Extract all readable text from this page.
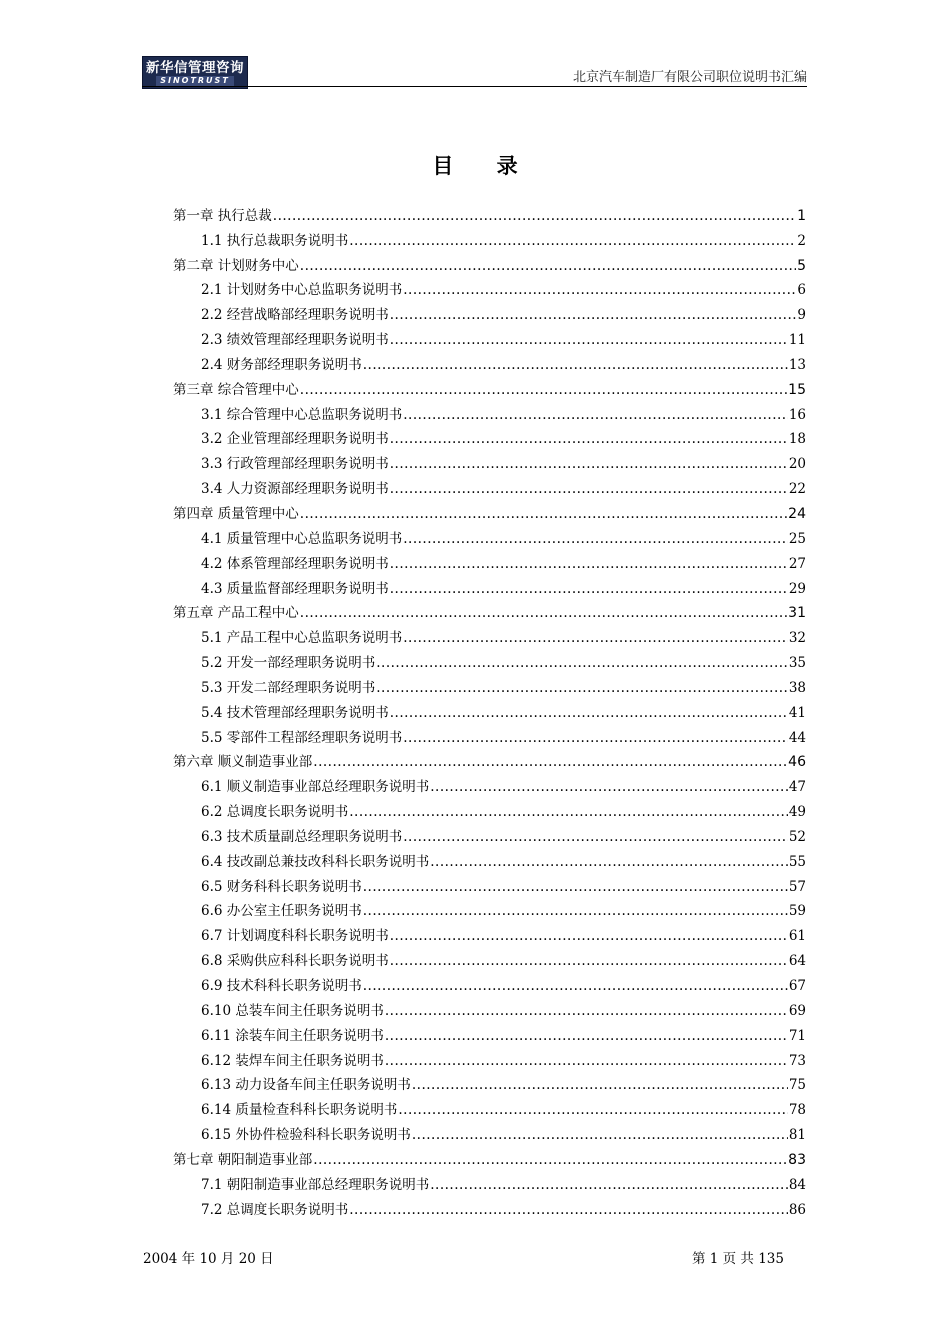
新华信管理咨询
SINOTRUST	北京汽车制造厂有限公司职位说明书汇编
目 录
第一章 执行总裁 .....	1
1.1 执行总裁职务说明书 .....	2
第二章 计划财务中心 .....	5
2.1 计划财务中心总监职务说明书 .....	6
2.2 经营战略部经理职务说明书 .....	9
2.3 绩效管理部经理职务说明书 .....	11
2.4 财务部经理职务说明书 .....	13
第三章 综合管理中心 .....	15
3.1 综合管理中心总监职务说明书 .....	16
3.2 企业管理部经理职务说明书 .....	18
3.3 行政管理部经理职务说明书 .....	20
3.4 人力资源部经理职务说明书 .....	22
第四章 质量管理中心 .....	24
4.1 质量管理中心总监职务说明书 .....	25
4.2 体系管理部经理职务说明书 .....	27
4.3 质量监督部经理职务说明书 .....	29
第五章 产品工程中心 .....	31
5.1 产品工程中心总监职务说明书 .....	32
5.2 开发一部经理职务说明书 .....	35
5.3 开发二部经理职务说明书 .....	38
5.4 技术管理部经理职务说明书 .....	41
5.5 零部件工程部经理职务说明书 .....	44
第六章 顺义制造事业部 .....	46
6.1 顺义制造事业部总经理职务说明书 .....	47
6.2 总调度长职务说明书 .....	49
6.3 技术质量副总经理职务说明书 .....	52
6.4 技改副总兼技改科科长职务说明书 .....	55
6.5 财务科科长职务说明书 .....	57
6.6 办公室主任职务说明书 .....	59
6.7 计划调度科科长职务说明书 .....	61
6.8 采购供应科科长职务说明书 .....	64
6.9 技术科科长职务说明书 .....	67
6.10 总装车间主任职务说明书 .....	69
6.11 涂装车间主任职务说明书 .....	71
6.12 装焊车间主任职务说明书 .....	73
6.13 动力设备车间主任职务说明书 .....	75
6.14 质量检查科科长职务说明书 .....	78
6.15 外协件检验科科长职务说明书 .....	81
第七章 朝阳制造事业部 .....	83
7.1 朝阳制造事业部总经理职务说明书 .....	84
7.2 总调度长职务说明书 .....	86
2004 年 10 月 20 日	第 1 页 共 135
